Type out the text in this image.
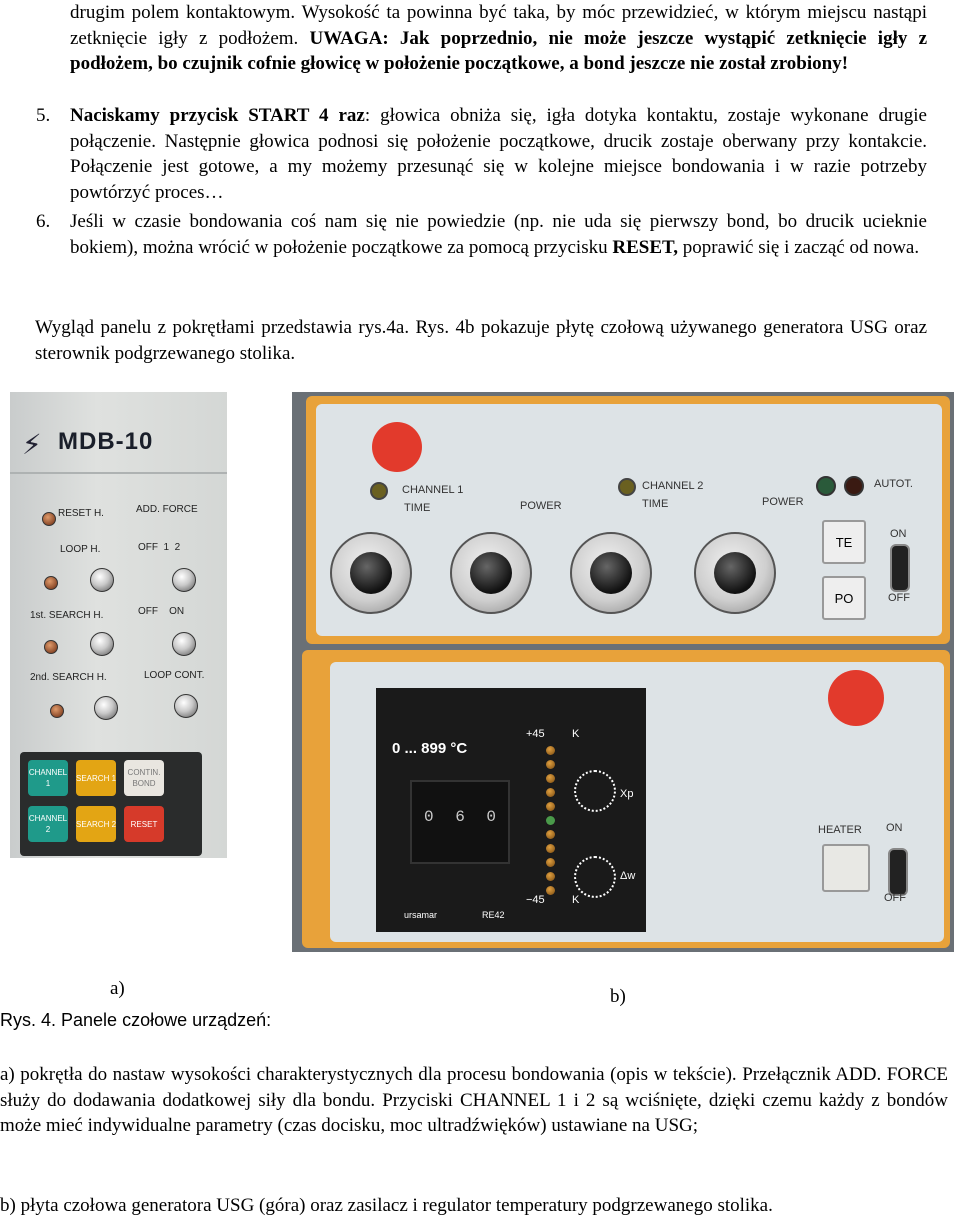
drugim polem kontaktowym. Wysokość ta powinna być taka, by móc przewidzieć, w którym miejscu nastąpi zetknięcie igły z podłożem. UWAGA: Jak poprzednio, nie może jeszcze wystąpić zetknięcie igły z podłożem, bo czujnik cofnie głowicę w położenie początkowe, a bond jeszcze nie został zrobiony!

5. Naciskamy przycisk START 4 raz: głowica obniża się, igła dotyka kontaktu, zostaje wykonane drugie połączenie. Następnie głowica podnosi się położenie początkowe, drucik zostaje oberwany przy kontakcie. Połączenie jest gotowe, a my możemy przesunąć się w kolejne miejsce bondowania i w razie potrzeby powtórzyć proces…
6. Jeśli w czasie bondowania coś nam się nie powiedzie (np. nie uda się pierwszy bond, bo drucik ucieknie bokiem), można wrócić w położenie początkowe za pomocą przycisku RESET, poprawić się i zacząć od nowa.
Wygląd panelu z pokrętłami przedstawia rys.4a. Rys. 4b pokazuje płytę czołową używanego generatora USG oraz sterownik podgrzewanego stolika.
⚡ MDB-10
RESET H.	ADD. FORCE
LOOP H.	OFF  1  2
1st. SEARCH H.	OFF    ON
2nd. SEARCH H.	LOOP CONT.
CHANNEL 1
SEARCH 1
CONTIN. BOND
CHANNEL 2
SEARCH 2	RESET
CHANNEL 1
TIME	POWER
CHANNEL 2
TIME	POWER
AUTOT.
TE
PO
ON
OFF
0 ... 899 °C
0 6 0
+45 K
−45 K
Xp
Δw
ursamar	RE42
HEATER ON
OFF
a)	b)
Rys. 4. Panele czołowe urządzeń:
a) pokrętła do nastaw wysokości charakterystycznych dla procesu bondowania (opis w tekście). Przełącznik ADD. FORCE służy do dodawania dodatkowej siły dla bondu. Przyciski CHANNEL 1 i 2 są wciśnięte, dzięki czemu każdy z bondów może mieć indywidualne parametry (czas docisku, moc ultradźwięków) ustawiane na USG;
b) płyta czołowa generatora USG (góra) oraz zasilacz i regulator temperatury podgrzewanego stolika.
